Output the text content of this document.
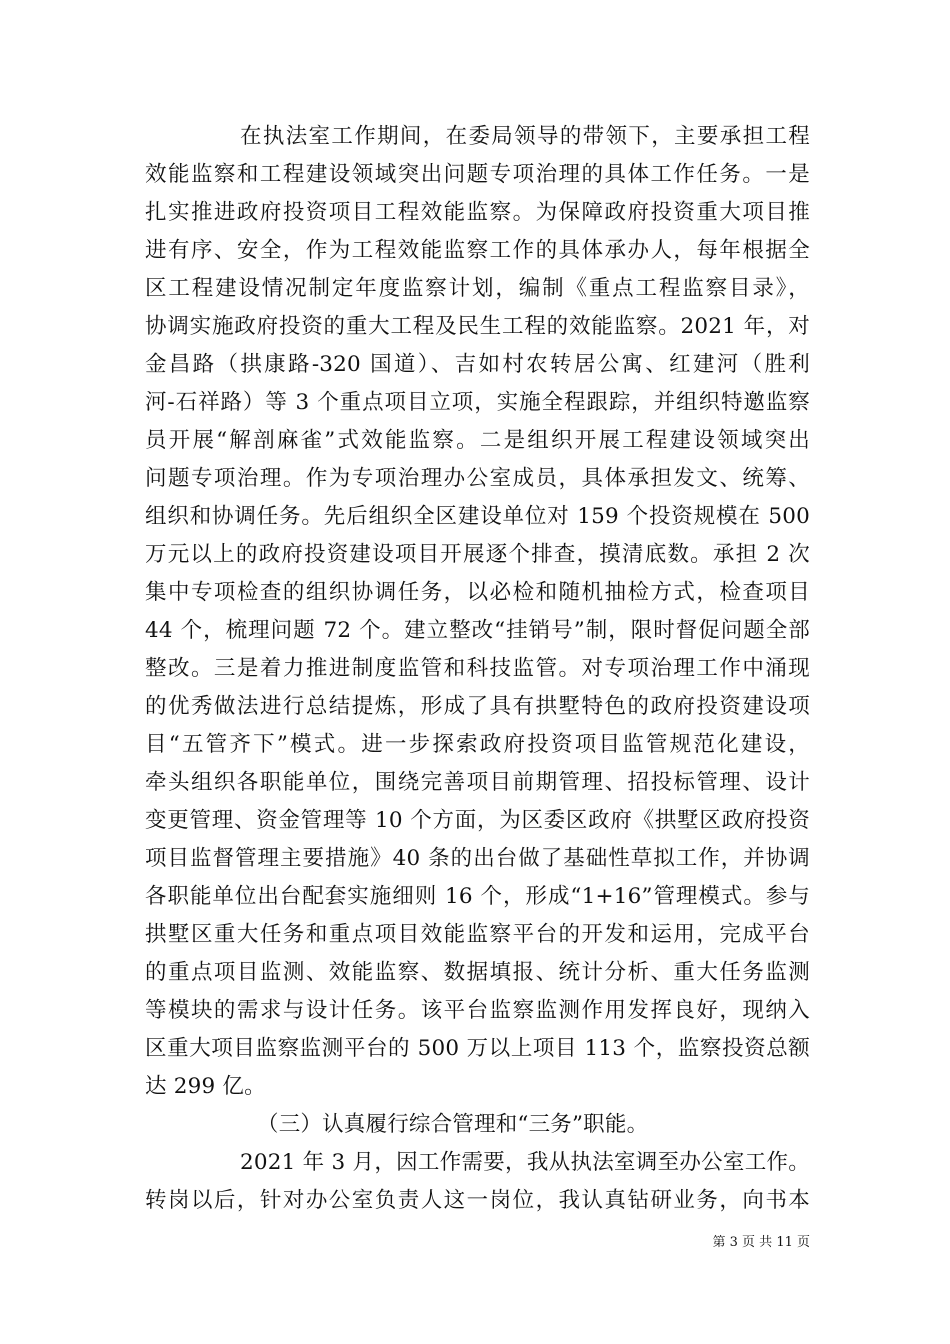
在执法室工作期间，在委局领导的带领下，主要承担工程
效能监察和工程建设领域突出问题专项治理的具体工作任务。一是
扎实推进政府投资项目工程效能监察。为保障政府投资重大项目推
进有序、安全，作为工程效能监察工作的具体承办人，每年根据全
区工程建设情况制定年度监察计划，编制《重点工程监察目录》，
协调实施政府投资的重大工程及民生工程的效能监察。2021 年，对
金昌路（拱康路-320 国道）、吉如村农转居公寓、红建河（胜利
河-石祥路）等 3 个重点项目立项，实施全程跟踪，并组织特邀监察
员开展“解剖麻雀”式效能监察。二是组织开展工程建设领域突出
问题专项治理。作为专项治理办公室成员，具体承担发文、统筹、
组织和协调任务。先后组织全区建设单位对 159 个投资规模在 500
万元以上的政府投资建设项目开展逐个排查，摸清底数。承担 2 次
集中专项检查的组织协调任务，以必检和随机抽检方式，检查项目
44 个，梳理问题 72 个。建立整改“挂销号”制，限时督促问题全部
整改。三是着力推进制度监管和科技监管。对专项治理工作中涌现
的优秀做法进行总结提炼，形成了具有拱墅特色的政府投资建设项
目“五管齐下”模式。进一步探索政府投资项目监管规范化建设，
牵头组织各职能单位，围绕完善项目前期管理、招投标管理、设计
变更管理、资金管理等 10 个方面，为区委区政府《拱墅区政府投资
项目监督管理主要措施》40 条的出台做了基础性草拟工作，并协调
各职能单位出台配套实施细则 16 个，形成“1+16”管理模式。参与
拱墅区重大任务和重点项目效能监察平台的开发和运用，完成平台
的重点项目监测、效能监察、数据填报、统计分析、重大任务监测
等模块的需求与设计任务。该平台监察监测作用发挥良好，现纳入
区重大项目监察监测平台的 500 万以上项目 113 个，监察投资总额
达 299 亿。
（三）认真履行综合管理和“三务”职能。
2021 年 3 月，因工作需要，我从执法室调至办公室工作。
转岗以后，针对办公室负责人这一岗位，我认真钻研业务，向书本
第 3 页 共 11 页
